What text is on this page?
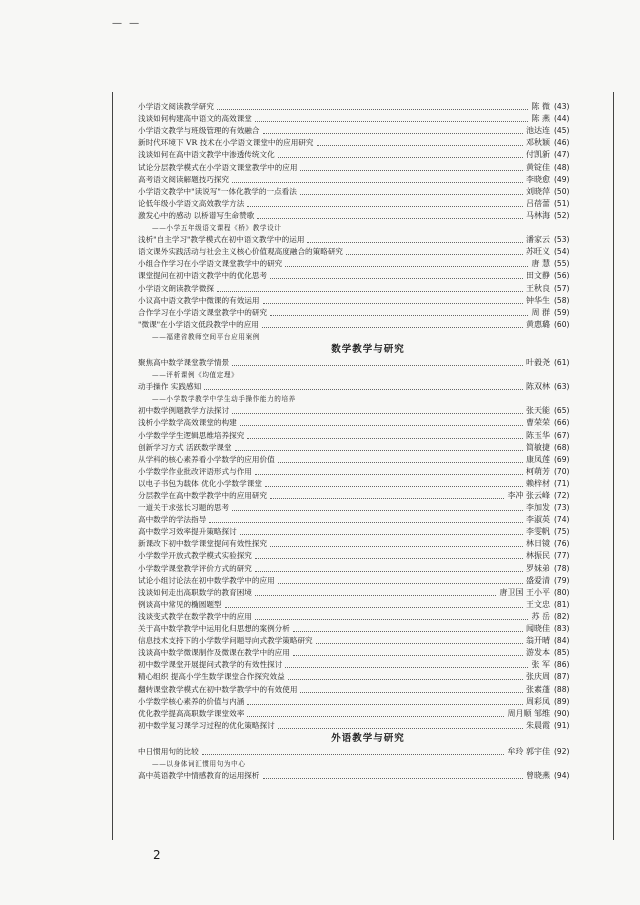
— —
小学语文阅读教学研究	陈 微 (43)
浅谈如何构建高中语文的高效课堂	陈 燕 (44)
小学语文教学与班级管理的有效融合	池达连 (45)
新时代环境下 VR 技术在小学语文课堂中的应用研究	邓秋颖 (46)
浅谈如何在高中语文教学中渗透传统文化	付凯新 (47)
试论分层教学模式在小学语文课堂教学中的应用	黄锭佳 (48)
高考语文阅读解题技巧探究	李晓愈 (49)
小学语文教学中"读说写"一体化教学的一点看法	刘晓萍 (50)
论低年级小学语文高效教学方法	吕蓓蕾 (51)
激发心中的感动 以桥谱写生命赞歌	马林海 (52)
——小学五年级语文课程《桥》教学设计
浅析"自主学习"教学模式在初中语文教学中的运用	潘家云 (53)
语文课外实践活动与社会主义核心价值观高度融合的策略研究	苏旺义 (54)
小组合作学习在小学语文课堂教学中的研究	唐 慧 (55)
课堂提问在初中语文教学中的优化思考	田文静 (56)
小学语文朗读教学微探	王秋良 (57)
小议高中语文教学中微课的有效运用	钟华生 (58)
合作学习在小学语文课堂教学中的研究	周 群 (59)
"微课"在小学语文低段教学中的应用	黄惠璐 (60)
——福建省教师空间平台应用案例
数学教学与研究
聚焦高中数学课堂教学情景	叶毅尧 (61)
——评析课例《均值定理》
动手操作 实践感知	陈双林 (63)
——小学数学教学中学生动手操作能力的培养
初中数学例题教学方法探讨	张天能 (65)
浅析小学数学高效课堂的构建	曹荣荣 (66)
小学数学学生逻辑思维培养探究	陈玉华 (67)
创新学习方式 活跃数学课堂	简敏捷 (68)
从学科的核心素养看小学数学的应用价值	康凤莲 (69)
小学数学作业批改评语形式与作用	柯萌芳 (70)
以电子书包为载体 优化小学数学课堂	赖梓材 (71)
分层教学在高中数学教学中的应用研究	李冲 张云峰 (72)
一道关于求弦长习题的思考	李加发 (73)
高中数学的学法指导	李淑英 (74)
高中数学习效率提升策略探讨	李雯帆 (75)
新课改下初中数学课堂提问有效性探究	林日镜 (76)
小学数学开放式教学模式实验探究	林振民 (77)
小学数学课堂教学评价方式的研究	罗妹弟 (78)
试论小组讨论法在初中数学教学中的应用	盛爱清 (79)
浅谈如何走出高职数学的教育困境	唐卫国 王小平 (80)
例谈高中常见的椭圆题型	王文忠 (81)
浅谈变式教学在数学教学中的应用	苏 岳 (82)
关于高中数学教学中运用化归思想的案例分析	闻晓佳 (83)
信息技术支持下的小学数学问题导向式教学策略研究	翁开晴 (84)
浅谈高中数学微课制作及微课在教学中的应用	游发本 (85)
初中数学课堂开展提问式教学的有效性探讨	张 军 (86)
精心组织 提高小学生数学课堂合作探究效益	张庆周 (87)
翻转课堂教学模式在初中数学教学中的有效使用	张素蓬 (88)
小学数学核心素养的价值与内涵	周彩凤 (89)
优化教学提高高职数学课堂效率	周月顺 邹维 (90)
初中数学复习课学习过程的优化策略探讨	朱晨霞 (91)
外语教学与研究
中日惯用句的比较	牟玲 郭宇佳 (92)
——以身体词汇惯用句为中心
高中英语教学中情感教育的运用探析	曾晓燕 (94)
2
